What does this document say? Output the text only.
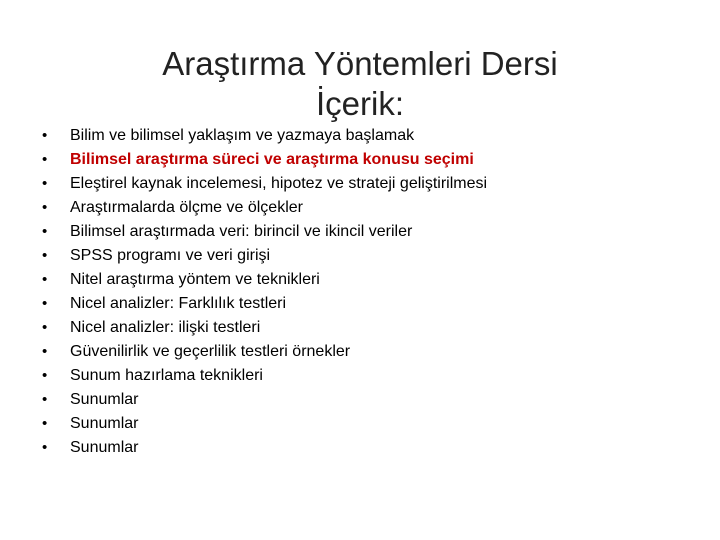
Araştırma Yöntemleri Dersi
İçerik:
•	Bilim ve bilimsel yaklaşım ve yazmaya başlamak
•	Bilimsel araştırma süreci ve araştırma konusu seçimi
•	Eleştirel kaynak incelemesi, hipotez ve strateji geliştirilmesi
•	Araştırmalarda ölçme ve ölçekler
•	Bilimsel araştırmada veri: birincil ve ikincil veriler
•	SPSS programı ve veri girişi
•	Nitel araştırma yöntem ve teknikleri
•	Nicel analizler: Farklılık testleri
•	Nicel analizler: ilişki testleri
•	Güvenilirlik ve geçerlilik testleri örnekler
•	Sunum hazırlama teknikleri
•	Sunumlar
•	Sunumlar
•	Sunumlar
